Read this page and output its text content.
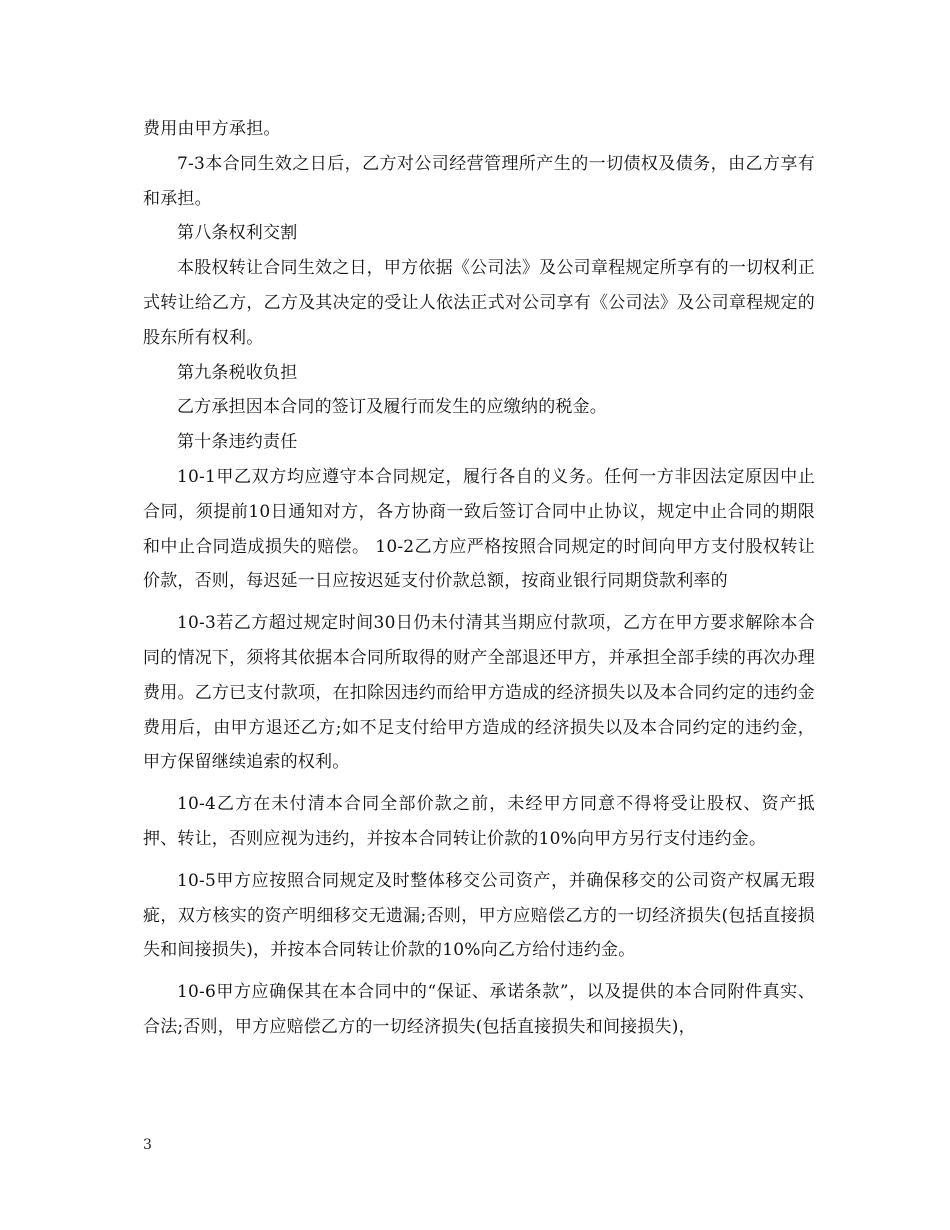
费用由甲方承担。

7-3本合同生效之日后，乙方对公司经营管理所产生的一切债权及债务，由乙方享有和承担。

第八条权利交割

本股权转让合同生效之日，甲方依据《公司法》及公司章程规定所享有的一切权利正式转让给乙方，乙方及其决定的受让人依法正式对公司享有《公司法》及公司章程规定的股东所有权利。

第九条税收负担

乙方承担因本合同的签订及履行而发生的应缴纳的税金。

第十条违约责任

10-1甲乙双方均应遵守本合同规定，履行各自的义务。任何一方非因法定原因中止合同，须提前10日通知对方，各方协商一致后签订合同中止协议，规定中止合同的期限和中止合同造成损失的赔偿。 10-2乙方应严格按照合同规定的时间向甲方支付股权转让价款，否则，每迟延一日应按迟延支付价款总额，按商业银行同期贷款利率的

10-3若乙方超过规定时间30日仍未付清其当期应付款项，乙方在甲方要求解除本合同的情况下，须将其依据本合同所取得的财产全部退还甲方，并承担全部手续的再次办理费用。乙方已支付款项，在扣除因违约而给甲方造成的经济损失以及本合同约定的违约金费用后，由甲方退还乙方;如不足支付给甲方造成的经济损失以及本合同约定的违约金，甲方保留继续追索的权利。

10-4乙方在未付清本合同全部价款之前，未经甲方同意不得将受让股权、资产抵押、转让，否则应视为违约，并按本合同转让价款的10%向甲方另行支付违约金。

10-5甲方应按照合同规定及时整体移交公司资产，并确保移交的公司资产权属无瑕疵，双方核实的资产明细移交无遗漏;否则，甲方应赔偿乙方的一切经济损失(包括直接损失和间接损失)，并按本合同转让价款的10%向乙方给付违约金。

10-6甲方应确保其在本合同中的“保证、承诺条款”，以及提供的本合同附件真实、合法;否则，甲方应赔偿乙方的一切经济损失(包括直接损失和间接损失)，

3
